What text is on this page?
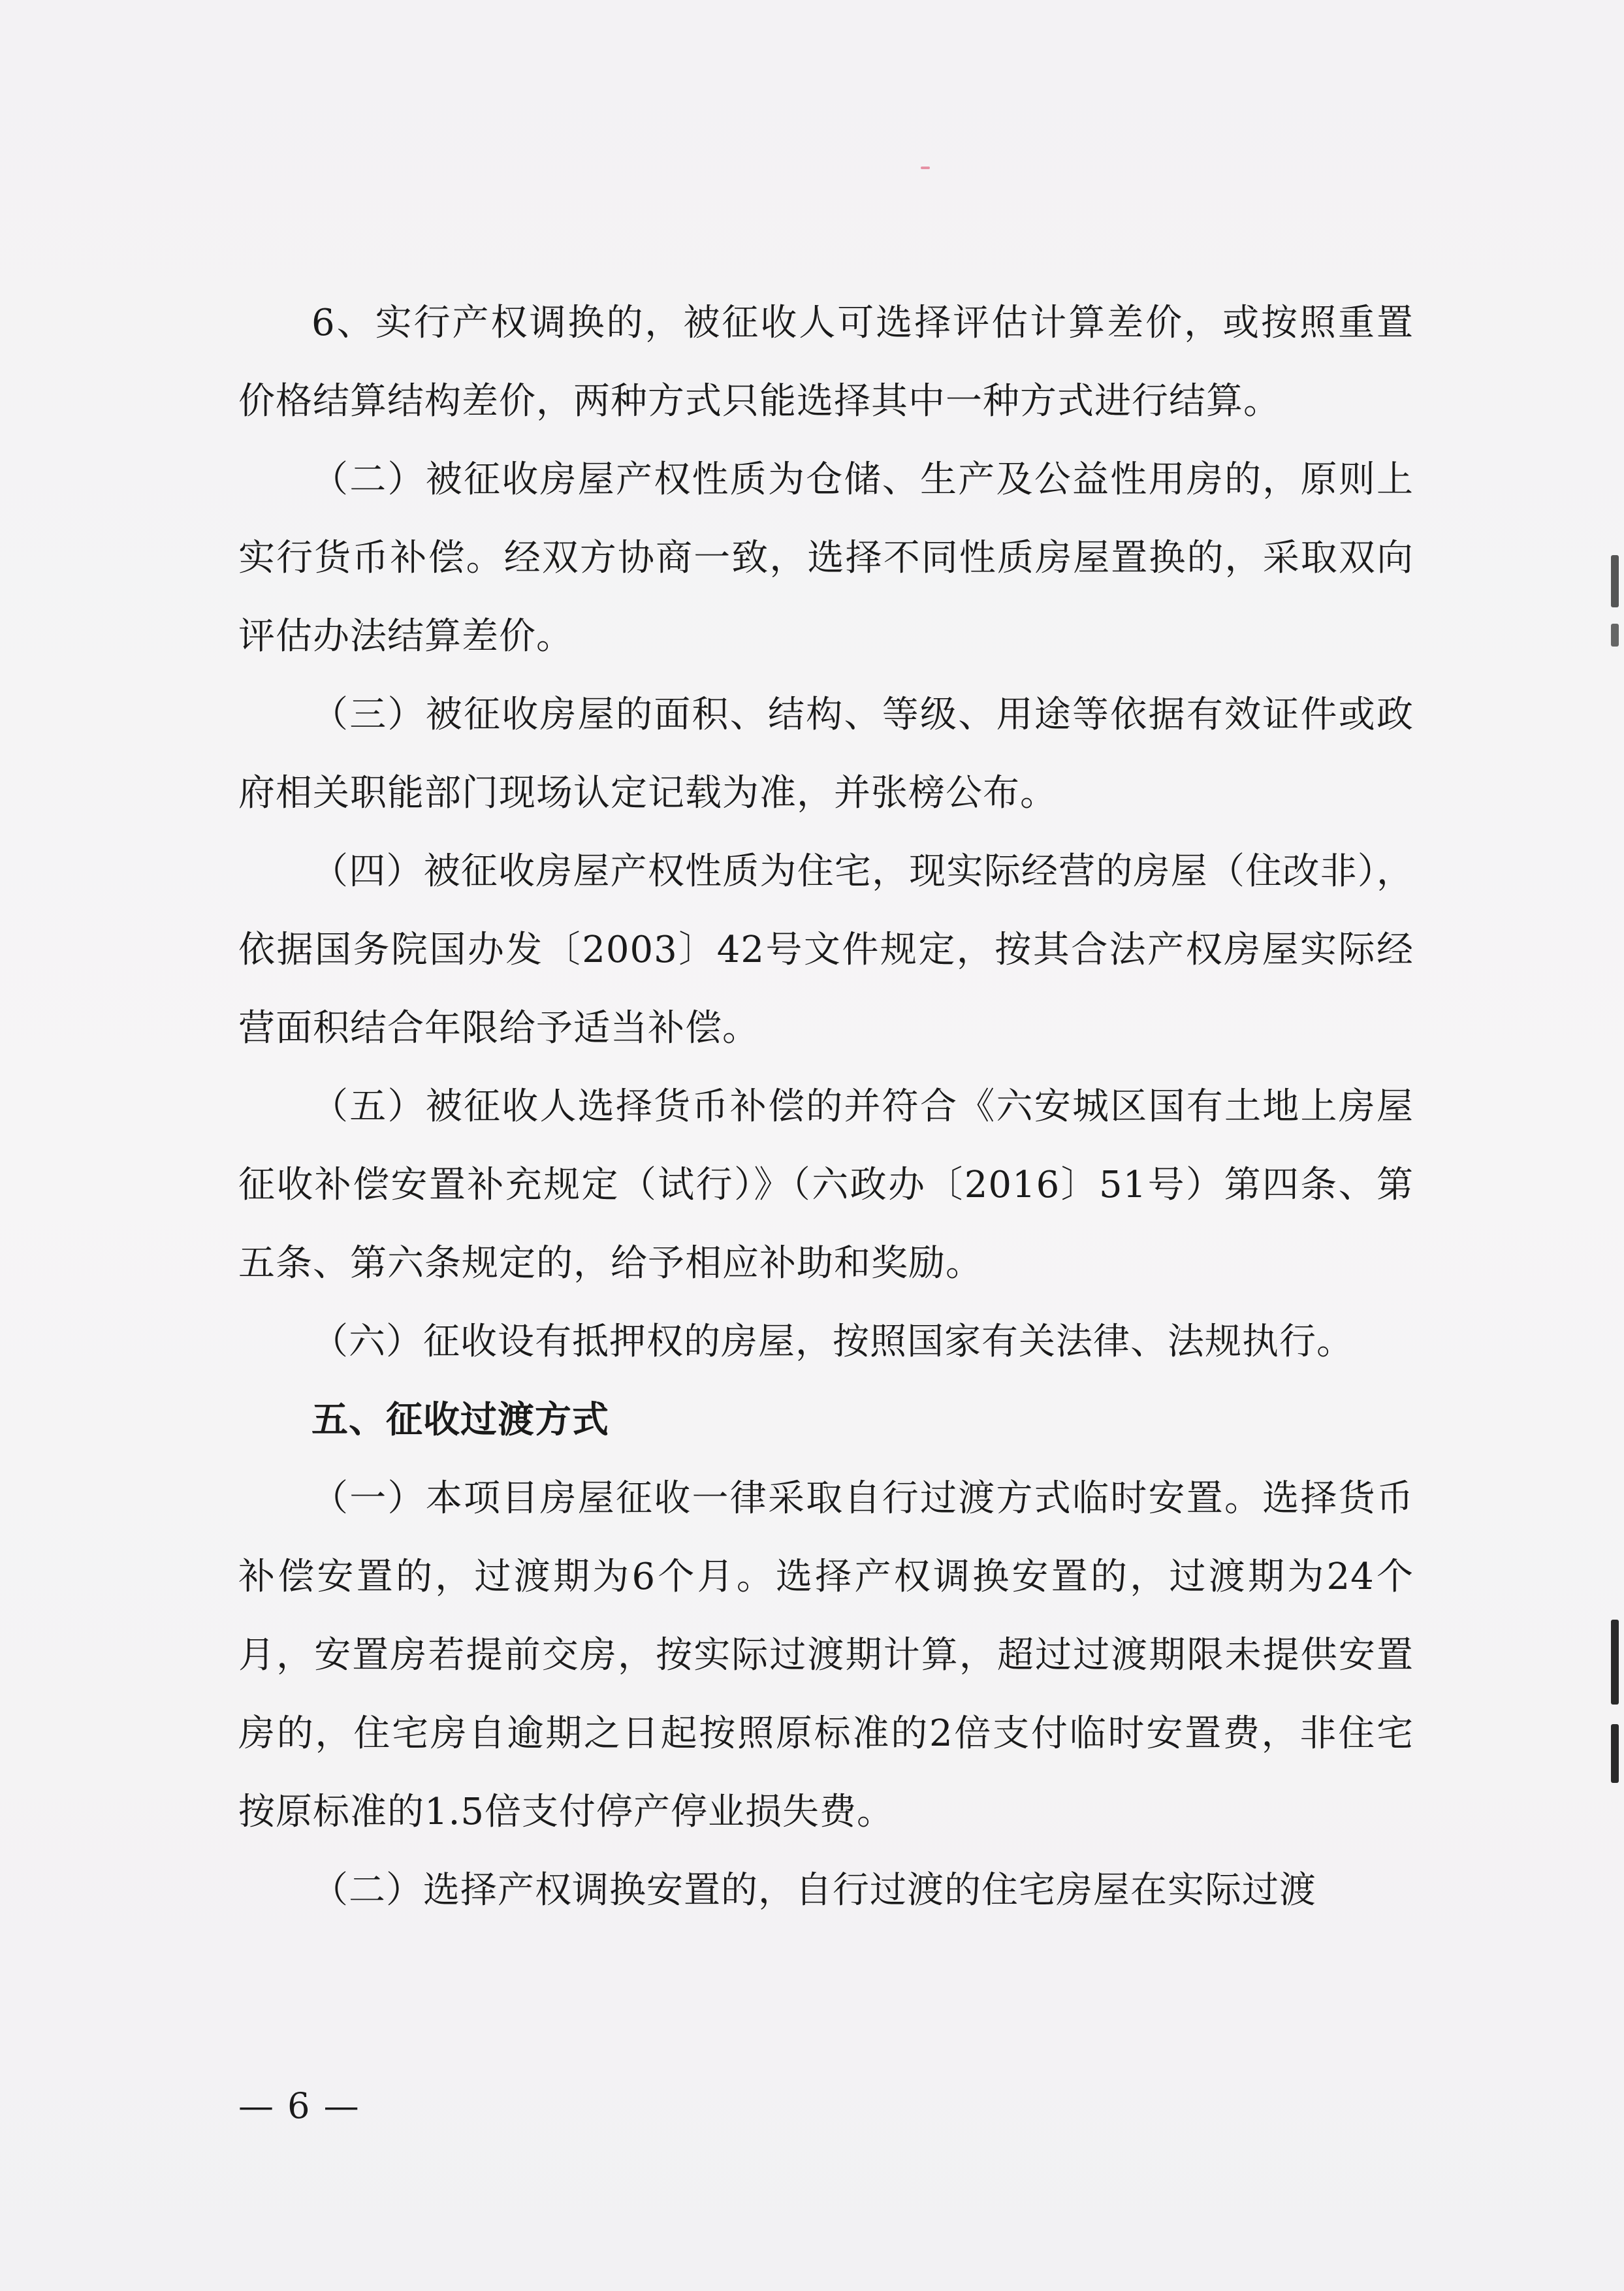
6、实行产权调换的，被征收人可选择评估计算差价，或按照重置价格结算结构差价，两种方式只能选择其中一种方式进行结算。

（二）被征收房屋产权性质为仓储、生产及公益性用房的，原则上实行货币补偿。经双方协商一致，选择不同性质房屋置换的，采取双向评估办法结算差价。

（三）被征收房屋的面积、结构、等级、用途等依据有效证件或政府相关职能部门现场认定记载为准，并张榜公布。

（四）被征收房屋产权性质为住宅，现实际经营的房屋（住改非），依据国务院国办发〔2003〕42号文件规定，按其合法产权房屋实际经营面积结合年限给予适当补偿。

（五）被征收人选择货币补偿的并符合《六安城区国有土地上房屋征收补偿安置补充规定（试行）》（六政办〔2016〕51号）第四条、第五条、第六条规定的，给予相应补助和奖励。

（六）征收设有抵押权的房屋，按照国家有关法律、法规执行。

五、征收过渡方式

（一）本项目房屋征收一律采取自行过渡方式临时安置。选择货币补偿安置的，过渡期为6个月。选择产权调换安置的，过渡期为24个月，安置房若提前交房，按实际过渡期计算，超过过渡期限未提供安置房的，住宅房自逾期之日起按照原标准的2倍支付临时安置费，非住宅按原标准的1.5倍支付停产停业损失费。

（二）选择产权调换安置的，自行过渡的住宅房屋在实际过渡

— 6 —
